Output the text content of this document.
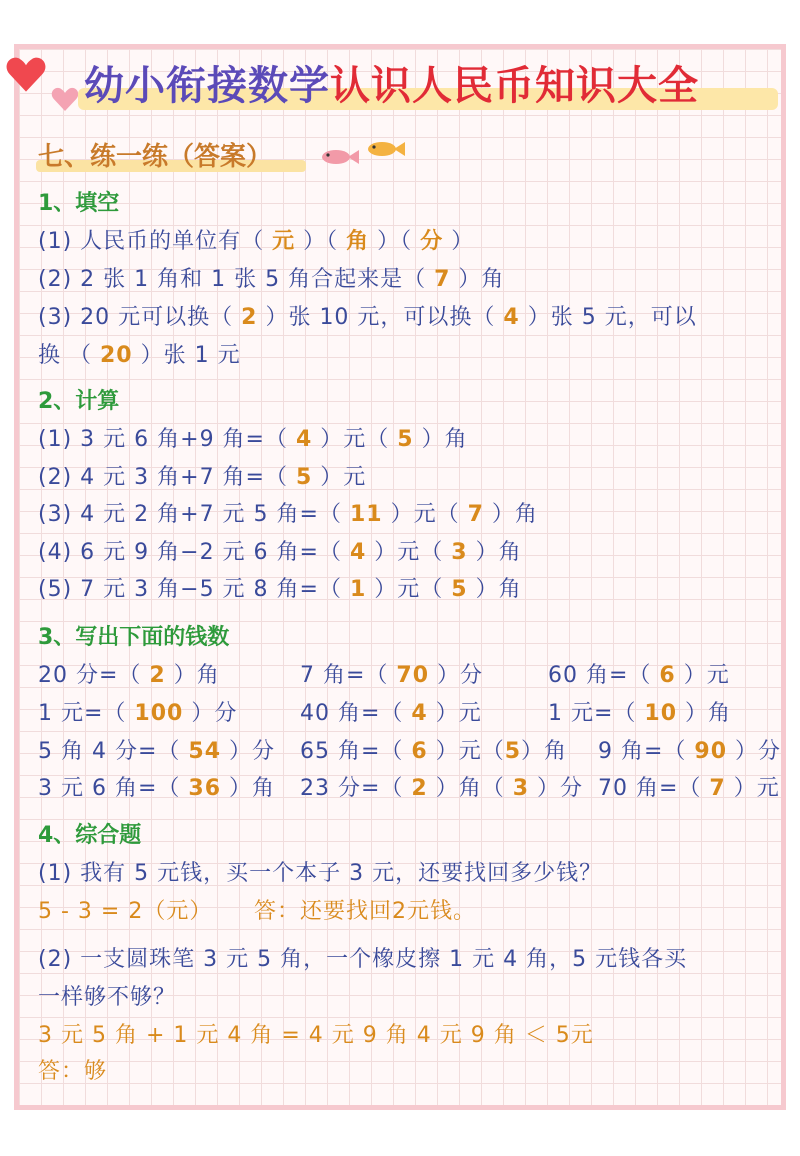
幼小衔接数学认识人民币知识大全
七、练一练（答案）
1、填空
(1) 人民币的单位有（ 元 ）（ 角 ）（ 分 ）
(2) 2 张 1 角和 1 张 5 角合起来是（ 7 ）角
(3) 20 元可以换（ 2 ）张 10 元，可以换（ 4 ）张 5 元，可以
换 （ 20 ）张 1 元
2、计算
(1) 3 元 6 角+9 角=（ 4 ）元（ 5 ）角
(2) 4 元 3 角+7 角=（ 5 ）元
(3) 4 元 2 角+7 元 5 角=（ 11 ）元（ 7 ）角
(4) 6 元 9 角−2 元 6 角=（ 4 ）元（ 3 ）角
(5) 7 元 3 角−5 元 8 角=（ 1 ）元（ 5 ）角
3、写出下面的钱数
20 分=（ 2 ）角	7 角=（ 70 ）分	60 角=（ 6 ）元
1 元=（ 100 ）分	40 角=（ 4 ）元	1 元=（ 10 ）角
5 角 4 分=（ 54 ）分 65 角=（ 6 ）元（5）角 9 角=（ 90 ）分
3 元 6 角=（ 36 ）角 23 分=（ 2 ）角（ 3 ）分 70 角=（ 7 ）元
4、综合题
(1) 我有 5 元钱，买一个本子 3 元，还要找回多少钱？
5 - 3 = 2（元） 答：还要找回2元钱。
(2) 一支圆珠笔 3 元 5 角，一个橡皮擦 1 元 4 角，5 元钱各买
一样够不够？
3 元 5 角 + 1 元 4 角 = 4 元 9 角 4 元 9 角 ＜ 5元
答：够
